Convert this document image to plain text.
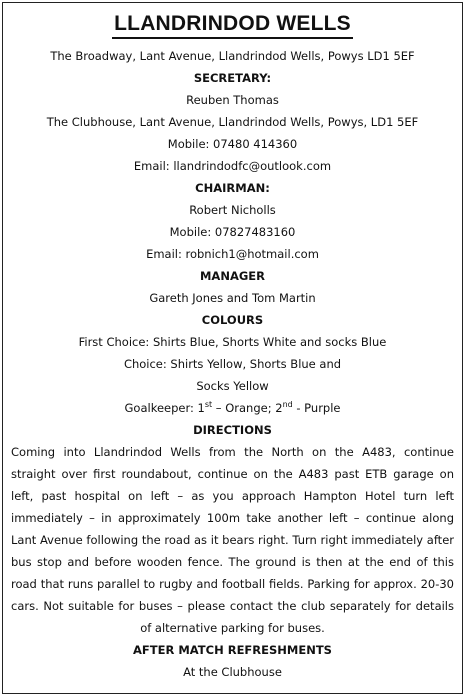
LLANDRINDOD WELLS
The Broadway, Lant Avenue, Llandrindod Wells, Powys LD1 5EF
SECRETARY:
Reuben Thomas
The Clubhouse, Lant Avenue, Llandrindod Wells, Powys, LD1 5EF
Mobile: 07480 414360
Email: llandrindodfc@outlook.com
CHAIRMAN:
Robert Nicholls
Mobile: 07827483160
Email: robnich1@hotmail.com
MANAGER
Gareth Jones and Tom Martin
COLOURS
First Choice: Shirts Blue, Shorts White and socks Blue
Choice: Shirts Yellow, Shorts Blue and
Socks Yellow
Goalkeeper: 1st – Orange; 2nd - Purple
DIRECTIONS
Coming into Llandrindod Wells from the North on the A483, continue straight over first roundabout, continue on the A483 past ETB garage on left, past hospital on left – as you approach Hampton Hotel turn left immediately – in approximately 100m take another left – continue along Lant Avenue following the road as it bears right. Turn right immediately after bus stop and before wooden fence. The ground is then at the end of this road that runs parallel to rugby and football fields. Parking for approx. 20-30 cars. Not suitable for buses – please contact the club separately for details of alternative parking for buses.
AFTER MATCH REFRESHMENTS
At the Clubhouse
